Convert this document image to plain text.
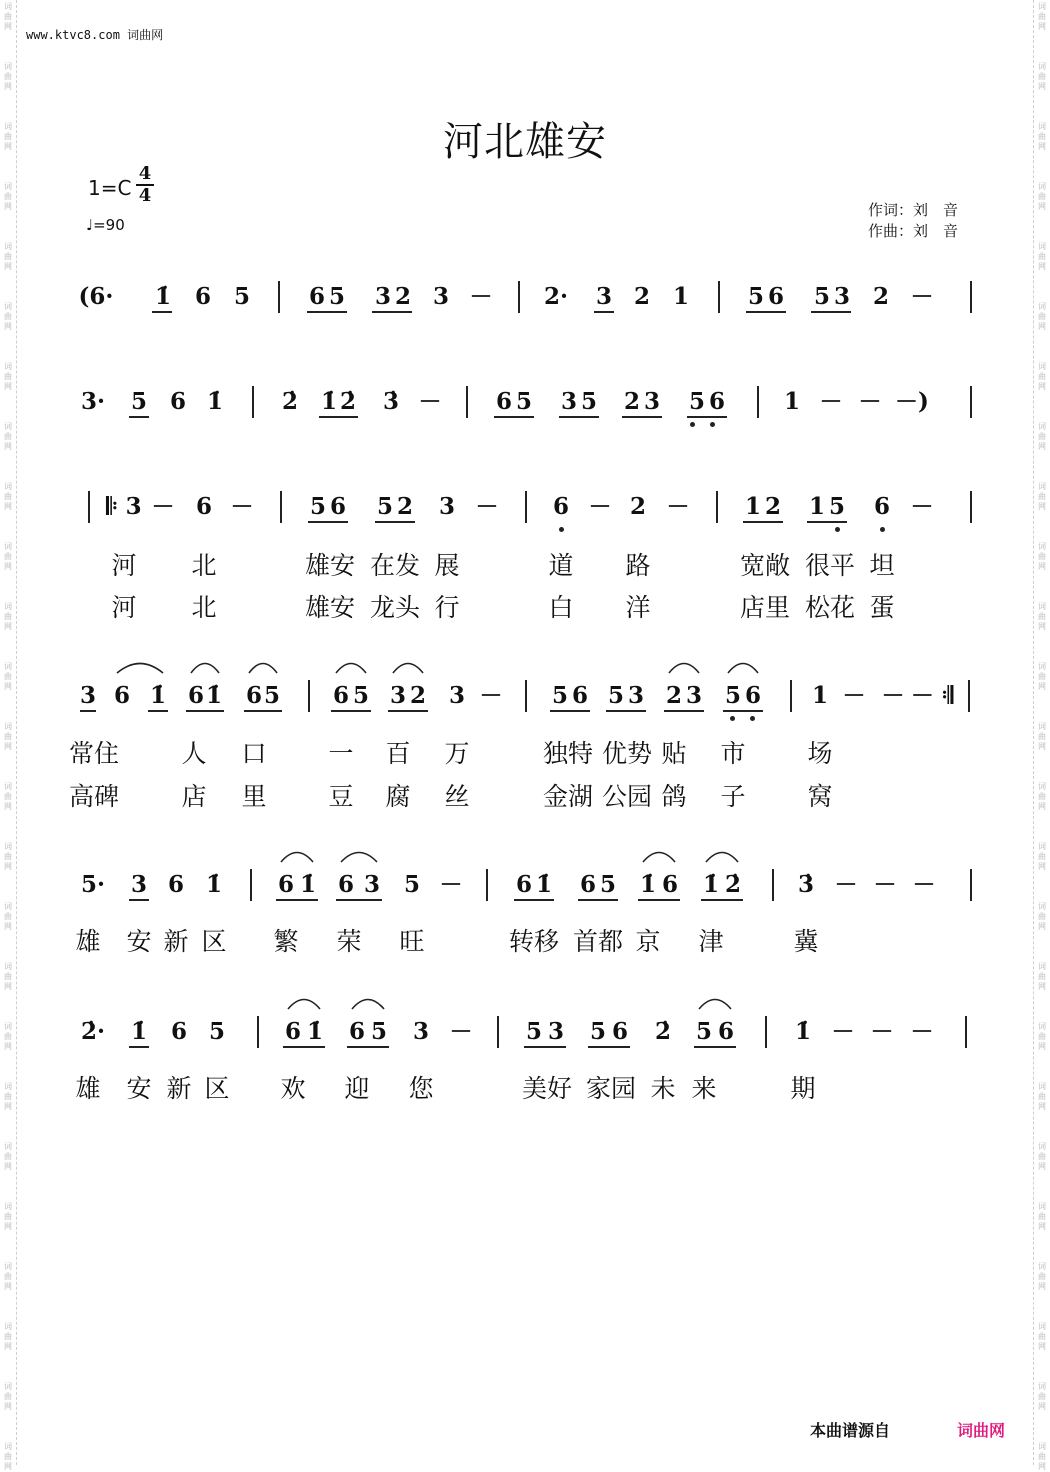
词
曲
网
词
曲
网
词
曲
网
词
曲
网
词
曲
网
词
曲
网
词
曲
网
词
曲
网
词
曲
网
词
曲
网
词
曲
网
词
曲
网
词
曲
网
词
曲
网
词
曲
网
词
曲
网
词
曲
网
词
曲
网
词
曲
网
词
曲
网
词
曲
网
词
曲
网
词
曲
网
词
曲
网
词
曲
网
词
曲
网
词
曲
网
词
曲
网
词
曲
网
词
曲
网
词
曲
网
词
曲
网
词
曲
网
词
曲
网
词
曲
网
词
曲
网
词
曲
网
词
曲
网
词
曲
网
词
曲
网
词
曲
网
词
曲
网
词
曲
网
词
曲
网
词
曲
网
词
曲
网
词
曲
网
词
曲
网
词
曲
网
词
曲
网
www.ktvc8.com 词曲网
河北雄安
1=C
4
4
♩=90
作词：刘　音
作曲：刘　音
(6· 1̇ 6 5	6 5 3 2 3 － 2· 3 2 1	5 6 5 3 2 －
3· 5 6 1̇	2̇ 1̇ 2̇ 3̇ － 6 5 3 5 2 3 5 6	1 － － －)
𝄆 3 － 6 － 5 6 5 2 3 － 6 － 2 － 1 2 1 5 6 －
河 北	雄安 在发 展	道 路	宽敞 很平 坦
河 北	雄安 龙头 行	白 洋	店里 松花 蛋
3 6 1̇ 6 1̇ 6 5 6 5 3 2 3 － 5 6 5 3 2 3 5 6 1 － － － 𝄇
常住 人 口 一 百 万	独特 优势 贴 市 场
高碑 店 里 豆 腐 丝	金湖 公园 鸽 子 窝
5· 3 6 1̇ 6 1̇ 6 3 5 － 6 1̇ 6 5 1̇ 6 1̇ 2̇ 3̇ － － －
雄 安 新 区 繁 荣 旺	转移 首都 京 津	冀
2̇· 1̇ 6 5	6 1̇ 6 5 3 － 5 3 5 6 2̇ 5 6	1̇ － － －
雄 安 新 区 欢 迎 您	美好 家园 未 来	期
本曲谱源自	词曲网
